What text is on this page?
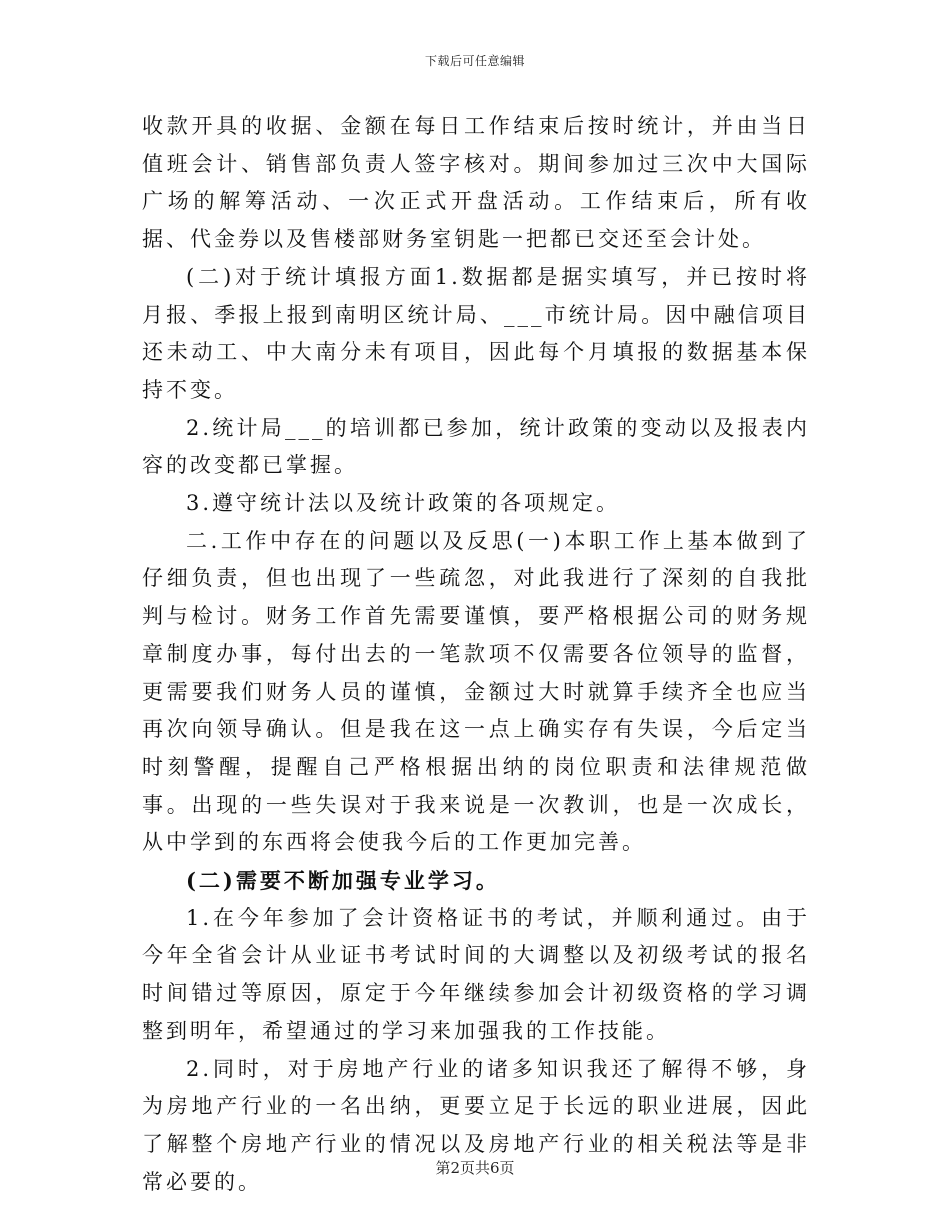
下载后可任意编辑

收款开具的收据、金额在每日工作结束后按时统计，并由当日值班会计、销售部负责人签字核对。期间参加过三次中大国际广场的解筹活动、一次正式开盘活动。工作结束后，所有收据、代金券以及售楼部财务室钥匙一把都已交还至会计处。

(二)对于统计填报方面1.数据都是据实填写，并已按时将月报、季报上报到南明区统计局、___市统计局。因中融信项目还未动工、中大南分未有项目，因此每个月填报的数据基本保持不变。

2.统计局___的培训都已参加，统计政策的变动以及报表内容的改变都已掌握。

3.遵守统计法以及统计政策的各项规定。

二.工作中存在的问题以及反思(一)本职工作上基本做到了仔细负责，但也出现了一些疏忽，对此我进行了深刻的自我批判与检讨。财务工作首先需要谨慎，要严格根据公司的财务规章制度办事，每付出去的一笔款项不仅需要各位领导的监督，更需要我们财务人员的谨慎，金额过大时就算手续齐全也应当再次向领导确认。但是我在这一点上确实存有失误，今后定当时刻警醒，提醒自己严格根据出纳的岗位职责和法律规范做事。出现的一些失误对于我来说是一次教训，也是一次成长，从中学到的东西将会使我今后的工作更加完善。

(二)需要不断加强专业学习。

1.在今年参加了会计资格证书的考试，并顺利通过。由于今年全省会计从业证书考试时间的大调整以及初级考试的报名时间错过等原因，原定于今年继续参加会计初级资格的学习调整到明年，希望通过的学习来加强我的工作技能。

2.同时，对于房地产行业的诸多知识我还了解得不够，身为房地产行业的一名出纳，更要立足于长远的职业进展，因此了解整个房地产行业的情况以及房地产行业的相关税法等是非常必要的。

第2页共6页
